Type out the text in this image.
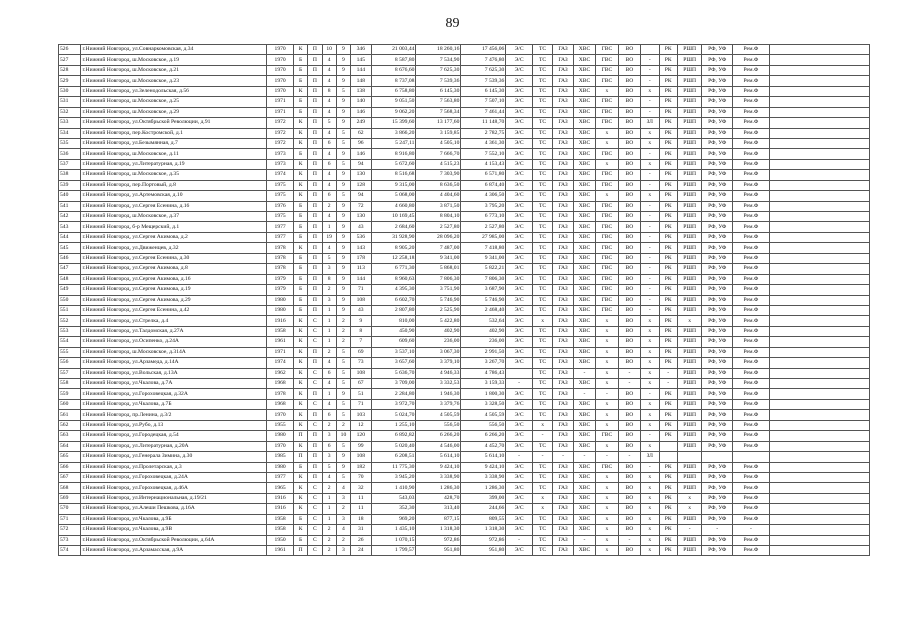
89
526	г.Нижний Новгород, ул.Совнаркомовская, д.34	1970	К	П	10	9	346	21 003,44	18 260,16	17 456,06	Э/С	ТС	ГАЗ	ХВС	ГВС	ВО		РК	РШП	РФ, УФ	Рем.Ф	
527	г.Нижний Новгород, ш.Московское, д.19	1970	Б	П	4	9	145	8 587,80	7 534,90	7 476,80	Э/С	ТС	ГАЗ	ХВС	ГВС	ВО	-	РК	РШП	РФ, УФ	Рем.Ф	
528	г.Нижний Новгород, ш.Московское, д.21	1970	Б	П	4	9	144	8 676,60	7 625,30	7 625,30	Э/С	ТС	ГАЗ	ХВС	ГВС	ВО	-	РК	РШП	РФ, УФ	Рем.Ф	
529	г.Нижний Новгород, ш.Московское, д.23	1970	Б	П	4	9	148	8 737,08	7 539,36	7 539,36	Э/С	ТС	ГАЗ	ХВС	ГВС	ВО	-	РК	РШП	РФ, УФ	Рем.Ф	
530	г.Нижний Новгород, ул.Зеленодольская, д.56	1970	К	П	8	5	138	6 758,80	6 145,30	6 145,30	Э/С	ТС	ГАЗ	ХВС	х	ВО	х	РК	РШП	РФ, УФ	Рем.Ф	
531	г.Нижний Новгород, ш.Московское, д.25	1971	Б	П	4	9	140	9 051,50	7 563,80	7 507,10	Э/С	ТС	ГАЗ	ХВС	ГВС	ВО	-	РК	РШП	РФ, УФ	Рем.Ф	
532	г.Нижний Новгород, ш.Московское, д.29	1971	Б	П	4	9	146	9 062,20	7 568,34	7 461,44	Э/С	ТС	ГАЗ	ХВС	ГВС	ВО	-	РК	РШП	РФ, УФ	Рем.Ф	
533	г.Нижний Новгород, ул.Октябрьской Революции, д.91	1972	К	П	5	9	249	15 399,60	13 177,60	11 148,70	Э/С	ТС	ГАЗ	ХВС	ГВС	ВО	ЗЛ	РК	РШП	РФ, УФ	Рем.Ф	
534	г.Нижний Новгород, пер.Костромской, д.1	1972	К	П	4	5	62	3 866,20	3 159,85	2 782,75	Э/С	ТС	ГАЗ	ХВС	х	ВО	х	РК	РШП	РФ, УФ	Рем.Ф	
535	г.Нижний Новгород, ул.Безымянная, д.7	1972	К	П	6	5	96	5 247,11	4 505,10	4 361,30	Э/С	ТС	ГАЗ	ХВС	х	ВО	х	РК	РШП	РФ, УФ	Рем.Ф	
536	г.Нижний Новгород, ш.Московское, д.11	1973	Б	П	4	9	146	8 916,80	7 666,70	7 552,10	Э/С	ТС	ГАЗ	ХВС	ГВС	ВО	-	РК	РШП	РФ, УФ	Рем.Ф	
537	г.Нижний Новгород, ул.Литературная, д.19	1973	К	П	6	5	94	5 672,60	4 515,23	4 153,43	Э/С	ТС	ГАЗ	ХВС	х	ВО	х	РК	РШП	РФ, УФ	Рем.Ф	
538	г.Нижний Новгород, ш.Московское, д.35	1974	К	П	4	9	130	8 516,68	7 303,90	6 571,80	Э/С	ТС	ГАЗ	ХВС	ГВС	ВО	-	РК	РШП	РФ, УФ	Рем.Ф	
539	г.Нижний Новгород, пер.Портовый, д.8	1975	К	П	4	9	128	9 315,00	8 636,50	6 874,40	Э/С	ТС	ГАЗ	ХВС	ГВС	ВО	-	РК	РШП	РФ, УФ	Рем.Ф	
540	г.Нижний Новгород, ул.Артемовская, д.10	1975	К	П	6	5	94	5 068,00	4 404,60	4 306,50	Э/С	ТС	ГАЗ	ХВС	х	ВО	х	РК	РШП	РФ, УФ	Рем.Ф	
541	г.Нижний Новгород, ул.Сергея Есенина, д.16	1976	Б	П	2	9	72	4 660,80	3 871,50	3 795,20	Э/С	ТС	ГАЗ	ХВС	ГВС	ВО	-	РК	РШП	РФ, УФ	Рем.Ф	
542	г.Нижний Новгород, ш.Московское, д.37	1975	Б	П	4	9	130	10 169,45	8 804,10	6 773,10	Э/С	ТС	ГАЗ	ХВС	ГВС	ВО	-	РК	РШП	РФ, УФ	Рем.Ф	
543	г.Нижний Новгород, б-р Мещерский, д.1	1977	Б	П	1	9	43	2 684,60	2 527,80	2 527,80	Э/С	ТС	ГАЗ	ХВС	ГВС	ВО	-	РК	РШП	РФ, УФ	Рем.Ф	
544	г.Нижний Новгород, ул.Сергея Акимова, д.2	1977	Б	П	19	9	536	31 928,90	28 096,20	27 985,00	Э/С	ТС	ГАЗ	ХВС	ГВС	ВО	-	РК	РШП	РФ, УФ	Рем.Ф	
545	г.Нижний Новгород, ул.Движенцев, д.32	1978	К	П	4	9	143	8 905,20	7 487,00	7 418,80	Э/С	ТС	ГАЗ	ХВС	ГВС	ВО	-	РК	РШП	РФ, УФ	Рем.Ф	
546	г.Нижний Новгород, ул.Сергея Есенина, д.30	1978	Б	П	5	9	178	12 258,18	9 341,00	9 341,00	Э/С	ТС	ГАЗ	ХВС	ГВС	ВО	-	РК	РШП	РФ, УФ	Рем.Ф	
547	г.Нижний Новгород, ул.Сергея Акимова, д.8	1978	Б	П	3	9	113	6 771,30	5 868,01	5 822,21	Э/С	ТС	ГАЗ	ХВС	ГВС	ВО	-	РК	РШП	РФ, УФ	Рем.Ф	
548	г.Нижний Новгород, ул.Сергея Акимова, д.16	1979	Б	П	8	9	144	8 960,63	7 806,30	7 806,30	Э/С	ТС	ГАЗ	ХВС	ГВС	ВО	-	РК	РШП	РФ, УФ	Рем.Ф	
549	г.Нижний Новгород, ул.Сергея Акимова, д.19	1979	Б	П	2	9	71	4 395,30	3 751,90	3 687,90	Э/С	ТС	ГАЗ	ХВС	ГВС	ВО	-	РК	РШП	РФ, УФ	Рем.Ф	
550	г.Нижний Новгород, ул.Сергея Акимова, д.29	1980	Б	П	3	9	108	6 602,70	5 746,90	5 746,90	Э/С	ТС	ГАЗ	ХВС	ГВС	ВО	-	РК	РШП	РФ, УФ	Рем.Ф	
551	г.Нижний Новгород, ул.Сергея Есенина, д.42	1980	Б	П	1	9	43	2 807,80	2 525,90	2 468,40	Э/С	ТС	ГАЗ	ХВС	ГВС	ВО	-	РК	РШП	РФ, УФ	Рем.Ф	
552	г.Нижний Новгород, ул.Стрелка, д.4	1916	К	С	1	2	9	810,00	5 422,80	532,64	Э/С	х	ГАЗ	ХВС	х	ВО	х	РК	х	РФ, УФ	Рем.Ф	
553	г.Нижний Новгород, ул.Талдомская, д.27А	1958	К	С	1	2	8	450,90	402,90	402,90	Э/С	ТС	ГАЗ	ХВС	х	ВО	х	РК	РШП	РФ, УФ	Рем.Ф	
554	г.Нижний Новгород, ул.Осипенко, д.24А	1961	К	С	1	2	7	609,60	236,00	236,00	Э/С	ТС	ГАЗ	ХВС	х	ВО	х	РК	РШП	РФ, УФ	Рем.Ф	
555	г.Нижний Новгород, ш.Московское, д.314А	1971	К	П	2	5	69	3 537,10	3 067,30	2 991,50	Э/С	ТС	ГАЗ	ХВС	х	ВО	х	РК	РШП	РФ, УФ	Рем.Ф	
556	г.Нижний Новгород, ул.Арзамеда, д.14А	1974	К	П	4	5	73	3 657,60	3 379,10	3 267,70	Э/С	ТС	ГАЗ	ХВС	х	ВО	х	РК	РШП	РФ, УФ	Рем.Ф	
557	г.Нижний Новгород, ул.Вольская, д.13А	1962	К	С	6	5	108	5 636,70	4 946,33	4 786,43		ТС	ГАЗ	-	х	-	х	-	РШП	РФ, УФ	Рем.Ф	
558	г.Нижний Новгород, ул.Чкалова, д.7А	1968	К	С	4	5	67	3 709,00	3 332,53	3 159,33	-	ТС	ГАЗ	ХВС	х	-	х	-	РШП	РФ, УФ	Рем.Ф	
559	г.Нижний Новгород, ул.Гороховецкая, д.32А	1978	К	П	1	9	51	2 284,80	1 946,30	1 800,30	Э/С	ТС	ГАЗ	-	-	ВО	-	РК	РШП	РФ, УФ	Рем.Ф	
560	г.Нижний Новгород, ул.Чкалова, д.7Б	1968	К	С	4	5	71	3 972,70	3 379,76	3 328,50	Э/С	ТС	ГАЗ	ХВС	х	ВО	х	РК	РШП	РФ, УФ	Рем.Ф	
561	г.Нижний Новгород, пр.Ленина, д.3/2	1970	К	П	6	5	103	5 024,70	4 505,59	4 505,59	Э/С	ТС	ГАЗ	ХВС	х	ВО	х	РК	РШП	РФ, УФ	Рем.Ф	
562	г.Нижний Новгород, ул.Рубо, д.13	1955	К	С	2	2	12	1 255,10	556,50	556,50	Э/С	х	ГАЗ	ХВС	х	ВО	х	РК	РШП	РФ, УФ	Рем.Ф	
563	г.Нижний Новгород, ул.Городецкая, д.54	1980	П	П	3	10	120	6 892,82	6 266,20	6 266,20	Э/С	-	ГАЗ	ХВС	ГВС	ВО	-	РК	РШП	РФ, УФ	Рем.Ф	
564	г.Нижний Новгород, ул.Литературная, д.20А	1970	К	П	6	5	99	5 020,40	4 546,00	4 452,70	Э/С	ТС	ГАЗ	ХВС	х	ВО	х		РШП	РФ, УФ	Рем.Ф	
565	г.Нижний Новгород, ул.Генерала Зимина, д.30	1985	П	П	3	9	108	6 208,51	5 614,10	5 614,10	-	-	-	-	-	-	ЗЛ					
566	г.Нижний Новгород, ул.Пролетарская, д.3	1980	Б	П	5	9	182	11 775,30	9 424,10	9 424,10	Э/С	ТС	ГАЗ	ХВС	ГВС	ВО	-	РК	РШП	РФ, УФ	Рем.Ф	
567	г.Нижний Новгород, ул.Гороховецкая, д.24А	1977	К	П	4	5	70	3 945,20	3 338,90	3 338,90	Э/С	ТС	ГАЗ	ХВС	х	ВО	х	РК	РШП	РФ, УФ	Рем.Ф	
568	г.Нижний Новгород, ул.Гороховецкая, д.46А	1965	К	С	2	4	32	1 410,90	1 286,30	1 286,30	Э/С	ТС	ГАЗ	ХВС	х	ВО	х	РК	РШП	РФ, УФ	Рем.Ф	
569	г.Нижний Новгород, ул.Интернациональная, д.19/21	1916	К	С	1	3	11	543,03	428,70	399,00	Э/С	х	ГАЗ	ХВС	х	ВО	х	РК	х	РФ, УФ	Рем.Ф	
570	г.Нижний Новгород, ул.Алеши Пешкова, д.16А	1916	К	С	1	2	11	352,30	313,40	244,66	Э/С	х	ГАЗ	ХВС	х	ВО	х	РК	х	РФ, УФ	Рем.Ф	
571	г.Нижний Новгород, ул.Чкалова, д.9Б	1958	Б	С	1	3	18	969,20	877,15	809,55	Э/С	ТС	ГАЗ	ХВС	х	ВО	х	РК	РШП	РФ, УФ	Рем.Ф	
572	г.Нижний Новгород, ул.Чкалова, д.9В	1958	К	С	2	4	31	1 435,10	1 318,30	1 318,30	Э/С	ТС	ГАЗ	ХВС	х	ВО	х	РК	-	-	-	
573	г.Нижний Новгород, ул.Октябрьской Революции, д.64А	1950	Б	С	2	2	26	1 070,15	972,86	972,86	-	ТС	ГАЗ	-	х	-	х	РК	РШП	РФ, УФ	Рем.Ф	
574	г.Нижний Новгород, ул.Арзамасская, д.9А	1961	П	С	2	3	24	1 799,57	951,80	951,80	Э/С	ТС	ГАЗ	ХВС	х	ВО	х	РК	РШП	РФ, УФ	Рем.Ф	
